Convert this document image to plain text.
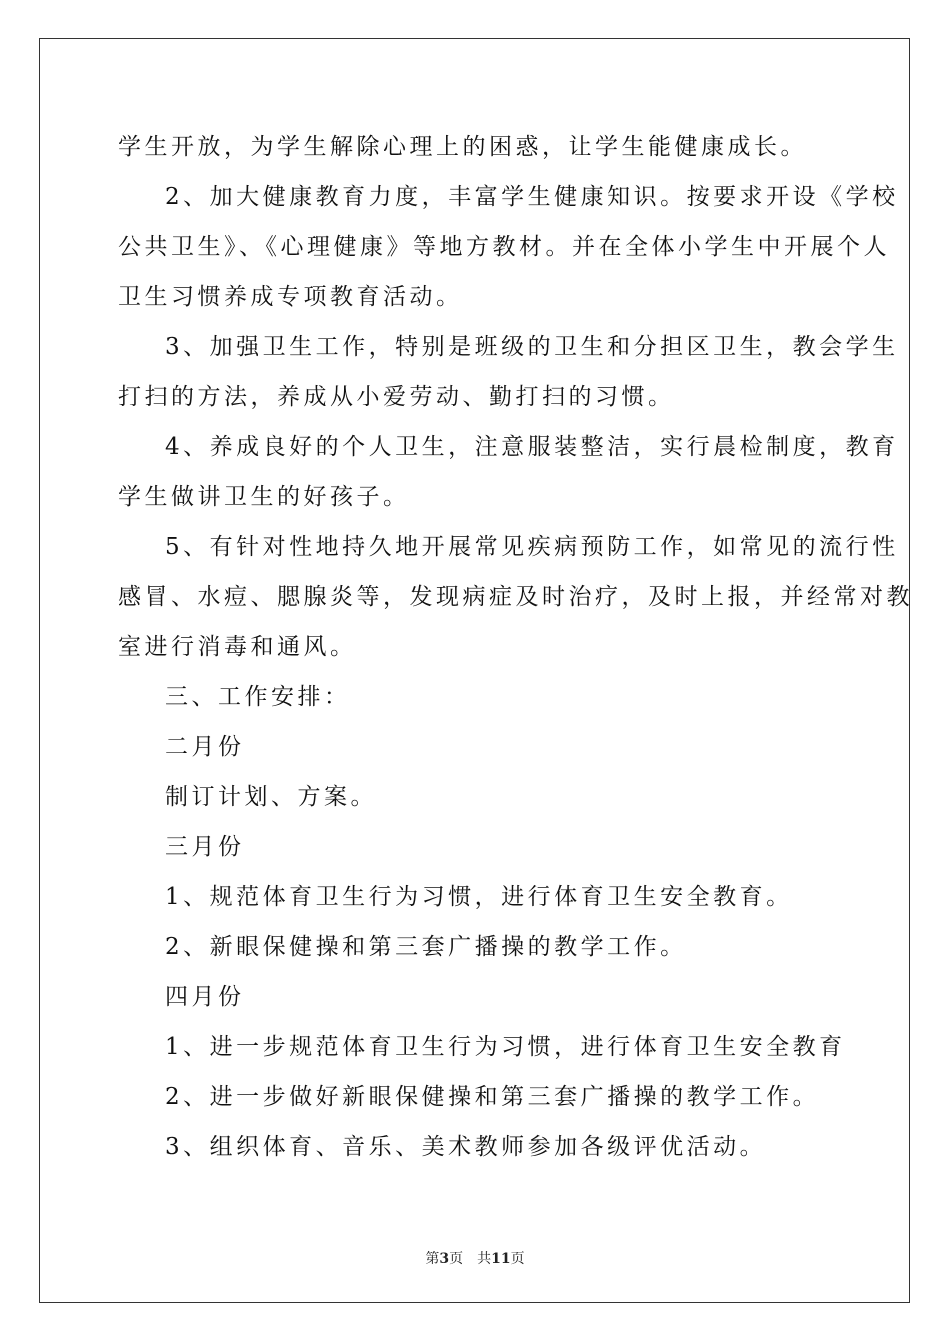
学生开放，为学生解除心理上的困惑，让学生能健康成长。
2、加大健康教育力度，丰富学生健康知识。按要求开设《学校
公共卫生》、《心理健康》等地方教材。并在全体小学生中开展个人
卫生习惯养成专项教育活动。
3、加强卫生工作，特别是班级的卫生和分担区卫生，教会学生
打扫的方法，养成从小爱劳动、勤打扫的习惯。
4、养成良好的个人卫生，注意服装整洁，实行晨检制度，教育
学生做讲卫生的好孩子。
5、有针对性地持久地开展常见疾病预防工作，如常见的流行性
感冒、水痘、腮腺炎等，发现病症及时治疗，及时上报，并经常对教
室进行消毒和通风。
三、工作安排：
二月份
制订计划、方案。
三月份
1、规范体育卫生行为习惯，进行体育卫生安全教育。
2、新眼保健操和第三套广播操的教学工作。
四月份
1、进一步规范体育卫生行为习惯，进行体育卫生安全教育
2、进一步做好新眼保健操和第三套广播操的教学工作。
3、组织体育、音乐、美术教师参加各级评优活动。
第3页 共11页
